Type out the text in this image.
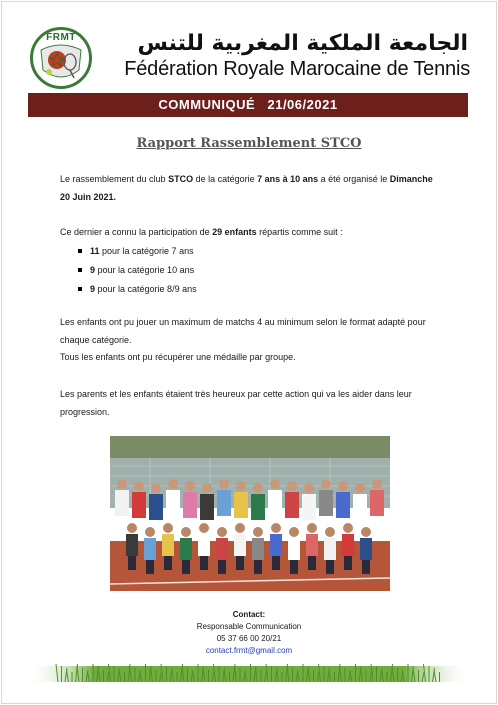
FRMT	الجامعة الملكية المغربية للتنس
Fédération Royale Marocaine de Tennis
COMMUNIQUÉ 21/06/2021
Rapport Rassemblement STCO
Le rassemblement du club STCO de la catégorie 7 ans à 10 ans a été organisé le Dimanche
20 Juin 2021.
Ce dernier a connu la participation de 29 enfants répartis comme suit :
11 pour la catégorie 7 ans
9 pour la catégorie 10 ans
9 pour la catégorie 8/9 ans
Les enfants ont pu jouer un maximum de matchs 4 au minimum selon le format adapté pour
chaque catégorie.
Tous les enfants ont pu récupérer une médaille par groupe.
Les parents et les enfants étaient très heureux par cette action qui va les aider dans leur
progression.
Contact:
Responsable Communication
05 37 66 00 20/21
contact.frmt@gmail.com
